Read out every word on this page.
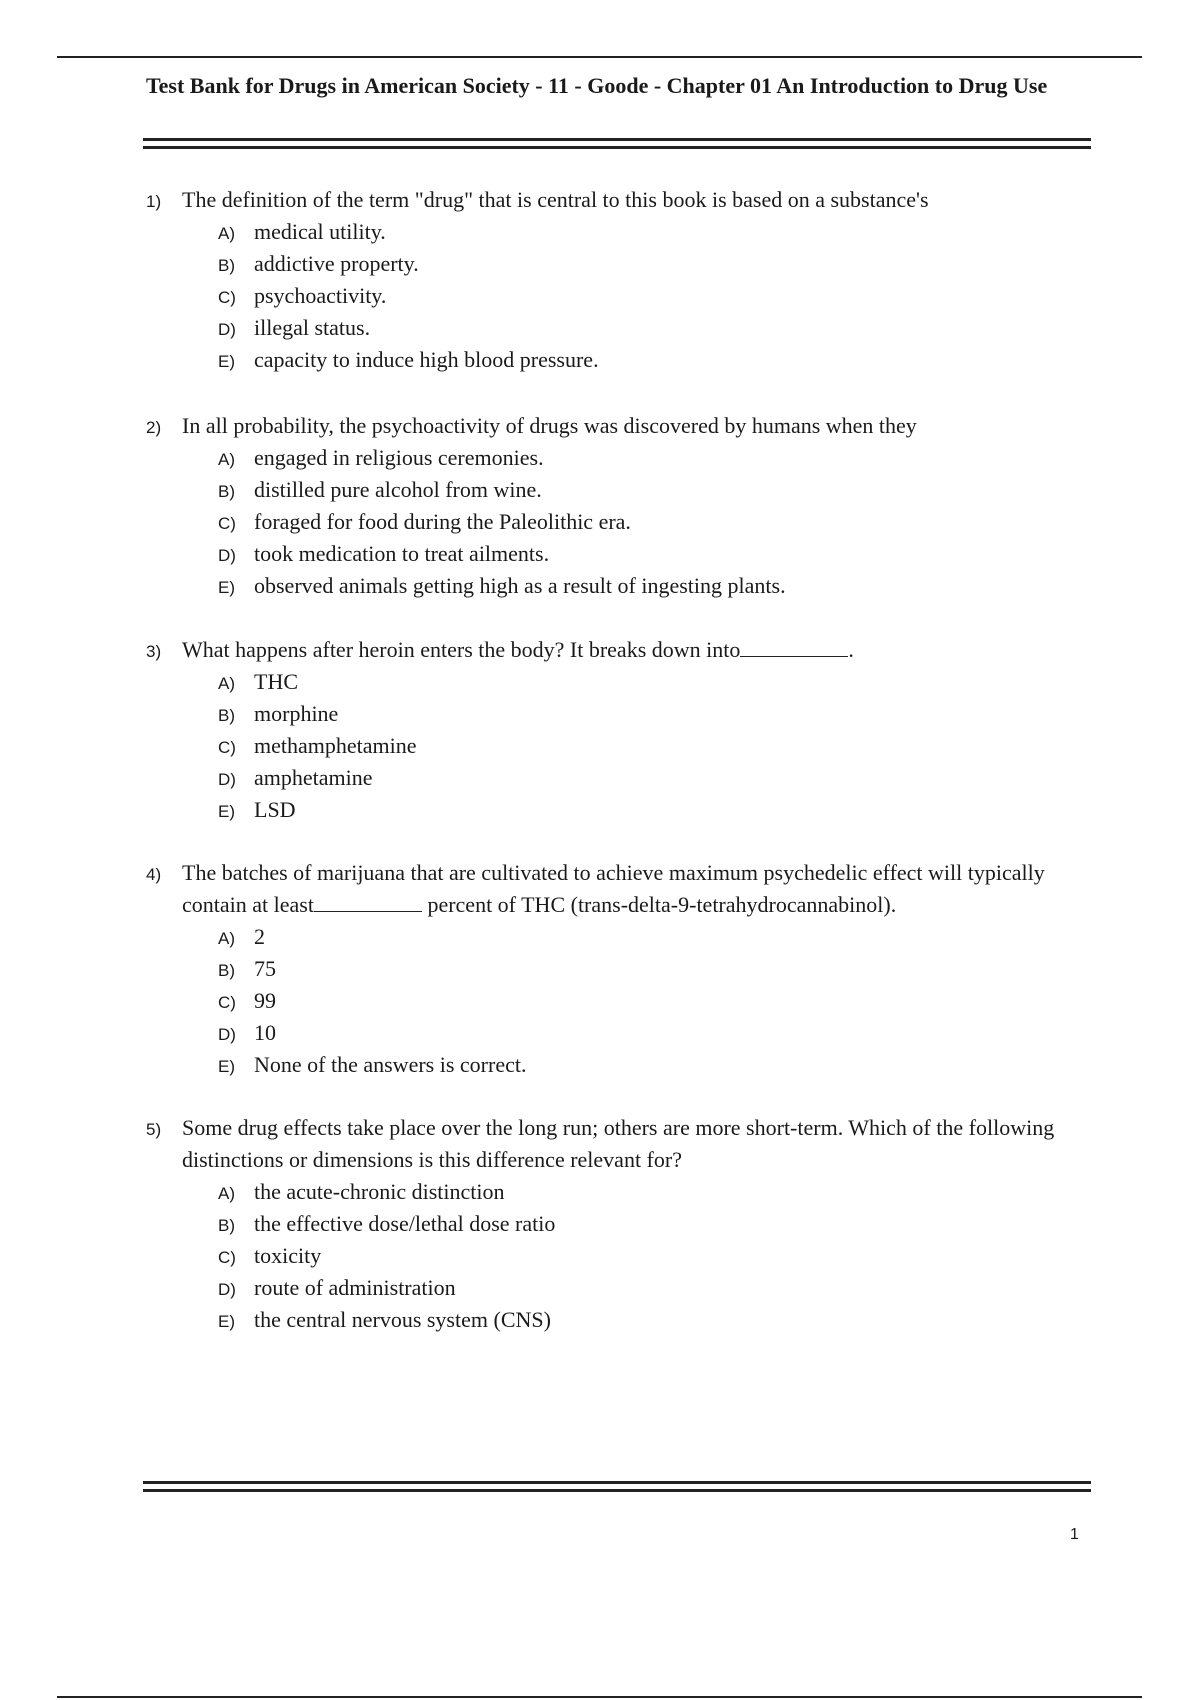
Test Bank for Drugs in American Society - 11 - Goode - Chapter 01 An Introduction to Drug Use
1) The definition of the term "drug" that is central to this book is based on a substance's
A) medical utility.
B) addictive property.
C) psychoactivity.
D) illegal status.
E) capacity to induce high blood pressure.
2) In all probability, the psychoactivity of drugs was discovered by humans when they
A) engaged in religious ceremonies.
B) distilled pure alcohol from wine.
C) foraged for food during the Paleolithic era.
D) took medication to treat ailments.
E) observed animals getting high as a result of ingesting plants.
3) What happens after heroin enters the body? It breaks down into	.
A) THC
B) morphine
C) methamphetamine
D) amphetamine
E) LSD
4) The batches of marijuana that are cultivated to achieve maximum psychedelic effect will typically contain at least	percent of THC (trans-delta-9-tetrahydrocannabinol).
A) 2
B) 75
C) 99
D) 10
E) None of the answers is correct.
5) Some drug effects take place over the long run; others are more short-term. Which of the following distinctions or dimensions is this difference relevant for?
A) the acute-chronic distinction
B) the effective dose/lethal dose ratio
C) toxicity
D) route of administration
E) the central nervous system (CNS)
1
